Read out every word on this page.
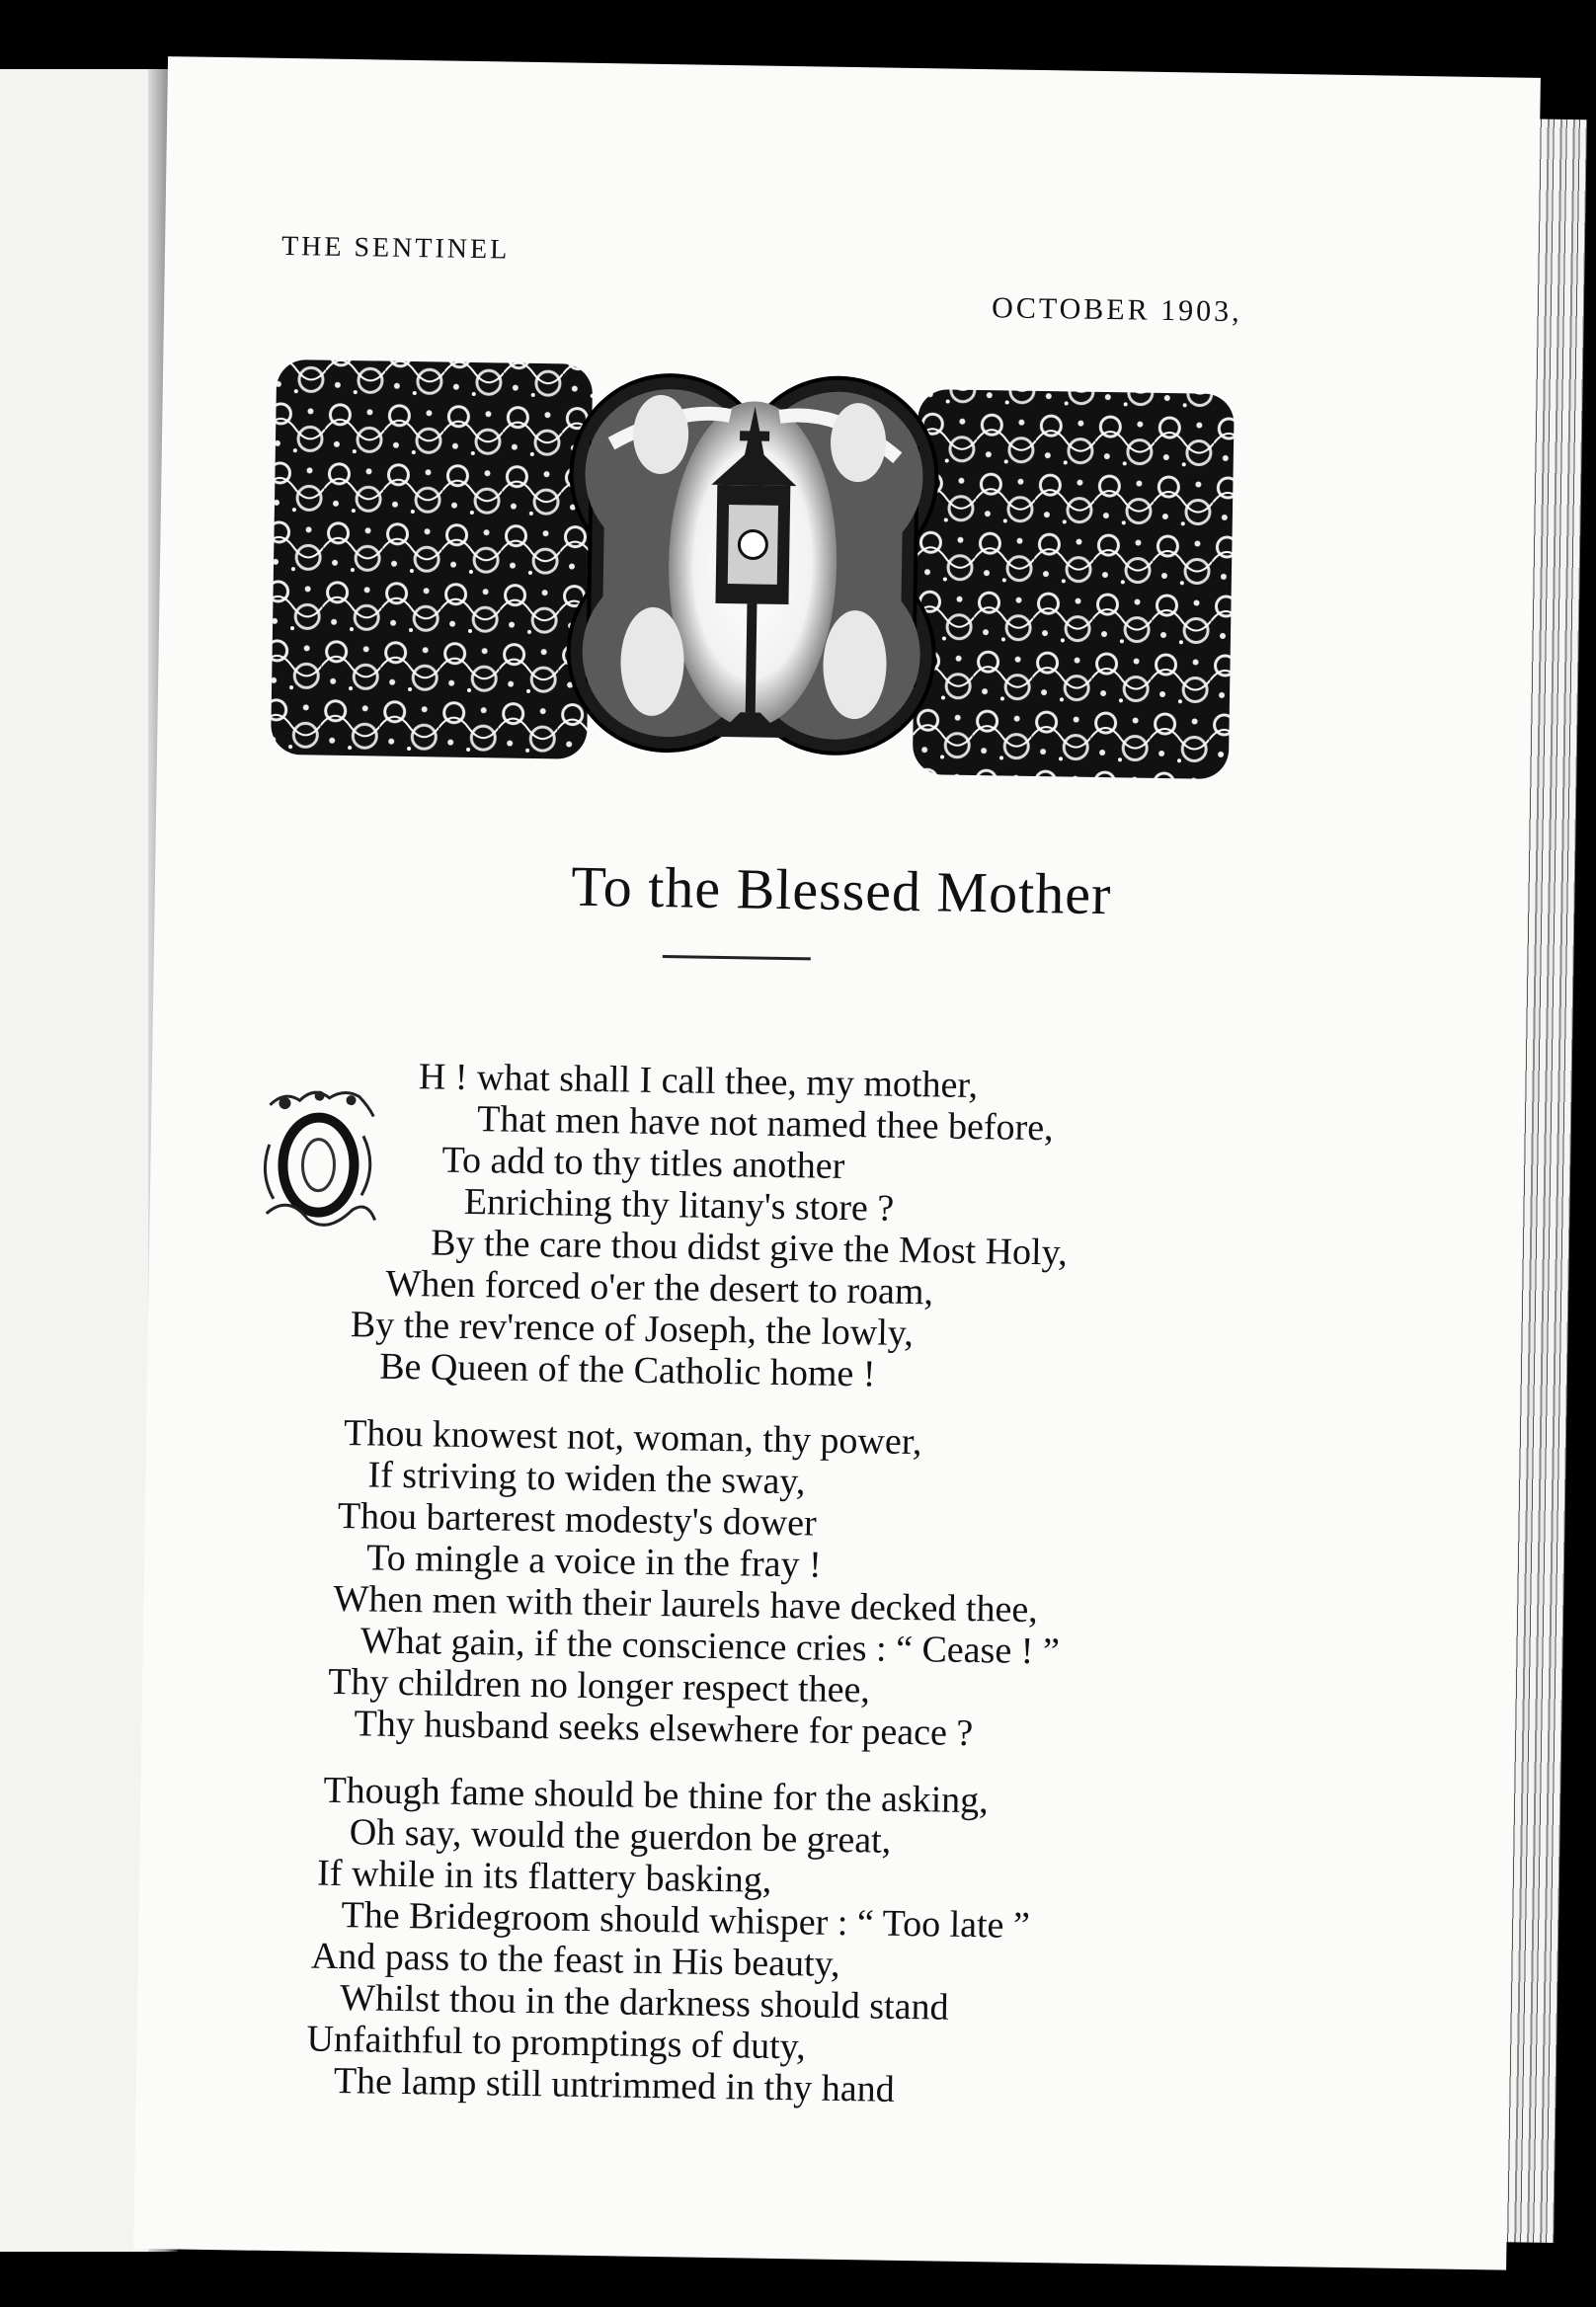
THE SENTINEL
OCTOBER 1903,
To the Blessed Mother
H ! what shall I call thee, my mother,
That men have not named thee before,
To add to thy titles another
Enriching thy litany's store ?
By the care thou didst give the Most Holy,
When forced o'er the desert to roam,
By the rev'rence of Joseph, the lowly,
Be Queen of the Catholic home !
Thou knowest not, woman, thy power,
If striving to widen the sway,
Thou barterest modesty's dower
To mingle a voice in the fray !
When men with their laurels have decked thee,
What gain, if the conscience cries : “ Cease ! ”
Thy children no longer respect thee,
Thy husband seeks elsewhere for peace ?
Though fame should be thine for the asking,
Oh say, would the guerdon be great,
If while in its flattery basking,
The Bridegroom should whisper : “ Too late ”
And pass to the feast in His beauty,
Whilst thou in the darkness should stand
Unfaithful to promptings of duty,
The lamp still untrimmed in thy hand
